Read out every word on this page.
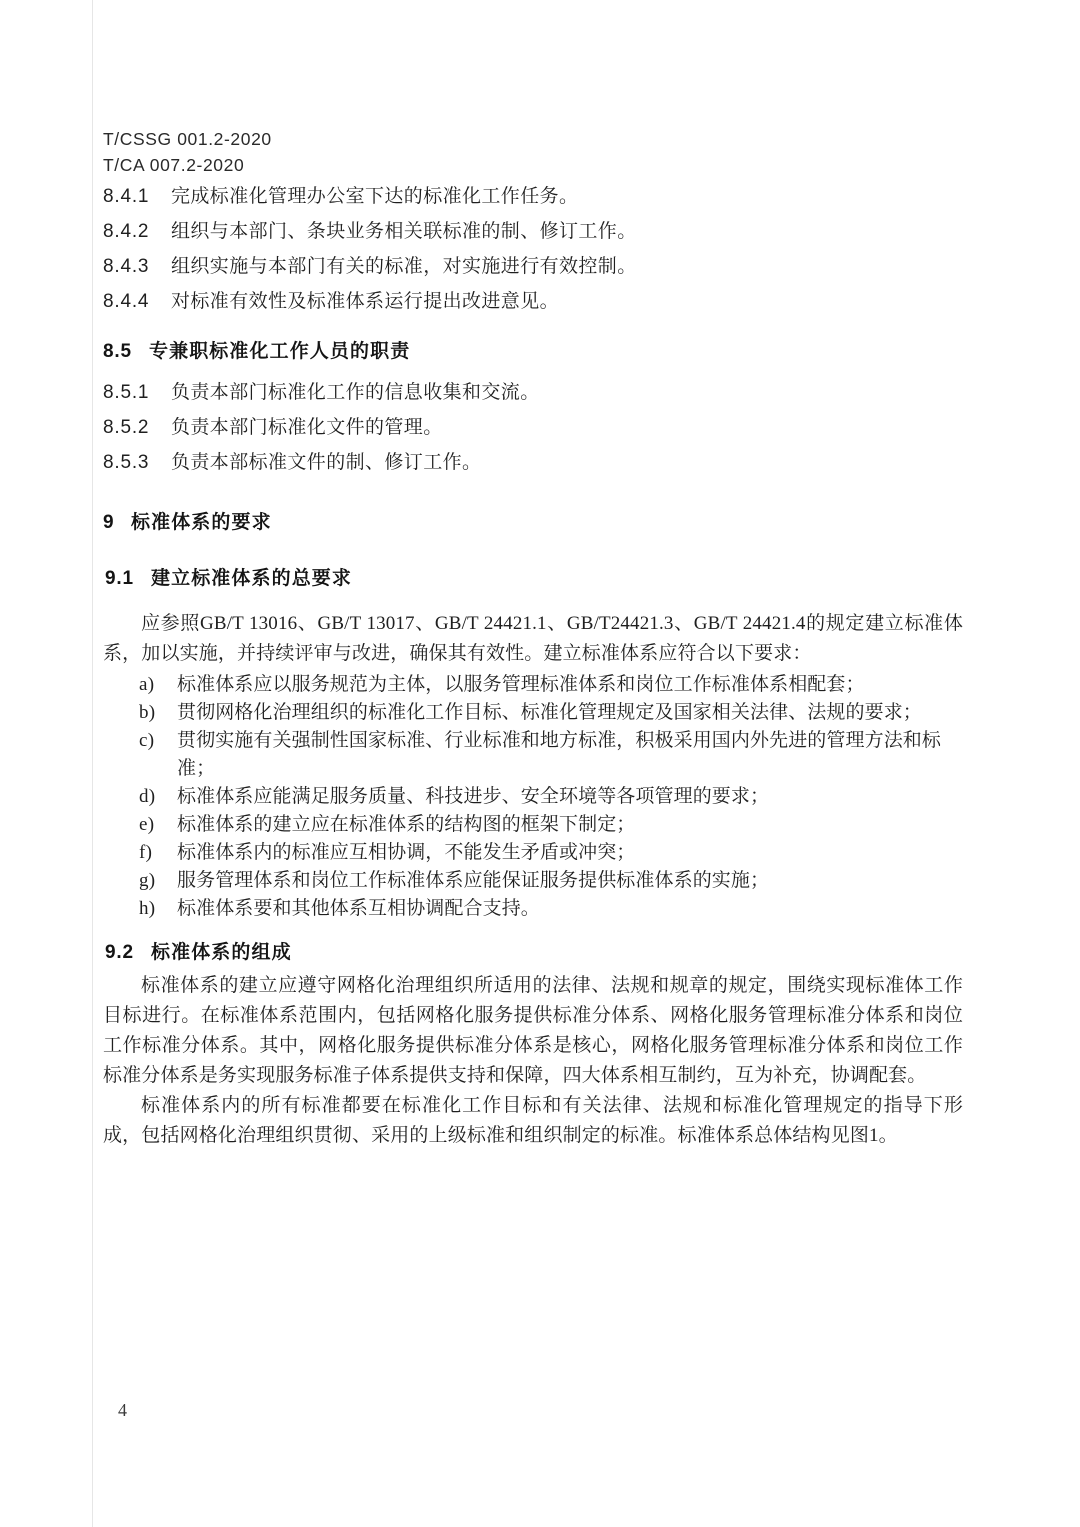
T/CSSG 001.2-2020
T/CA 007.2-2020
8.4.1	完成标准化管理办公室下达的标准化工作任务。
8.4.2	组织与本部门、条块业务相关联标准的制、修订工作。
8.4.3	组织实施与本部门有关的标准，对实施进行有效控制。
8.4.4	对标准有效性及标准体系运行提出改进意见。
8.5 专兼职标准化工作人员的职责
8.5.1	负责本部门标准化工作的信息收集和交流。
8.5.2	负责本部门标准化文件的管理。
8.5.3	负责本部标准文件的制、修订工作。
9 标准体系的要求
9.1 建立标准体系的总要求
应参照GB/T 13016、GB/T 13017、GB/T 24421.1、GB/T24421.3、GB/T 24421.4的规定建立标准体系，加以实施，并持续评审与改进，确保其有效性。建立标准体系应符合以下要求：
a)	标准体系应以服务规范为主体，以服务管理标准体系和岗位工作标准体系相配套；
b)	贯彻网格化治理组织的标准化工作目标、标准化管理规定及国家相关法律、法规的要求；
c)	贯彻实施有关强制性国家标准、行业标准和地方标准，积极采用国内外先进的管理方法和标准；
d)	标准体系应能满足服务质量、科技进步、安全环境等各项管理的要求；
e)	标准体系的建立应在标准体系的结构图的框架下制定；
f)	标准体系内的标准应互相协调，不能发生矛盾或冲突；
g)	服务管理体系和岗位工作标准体系应能保证服务提供标准体系的实施；
h)	标准体系要和其他体系互相协调配合支持。
9.2 标准体系的组成
标准体系的建立应遵守网格化治理组织所适用的法律、法规和规章的规定，围绕实现标准体工作目标进行。在标准体系范围内，包括网格化服务提供标准分体系、网格化服务管理标准分体系和岗位工作标准分体系。其中，网格化服务提供标准分体系是核心，网格化服务管理标准分体系和岗位工作标准分体系是务实现服务标准子体系提供支持和保障，四大体系相互制约，互为补充，协调配套。
标准体系内的所有标准都要在标准化工作目标和有关法律、法规和标准化管理规定的指导下形成，包括网格化治理组织贯彻、采用的上级标准和组织制定的标准。标准体系总体结构见图1。
4
